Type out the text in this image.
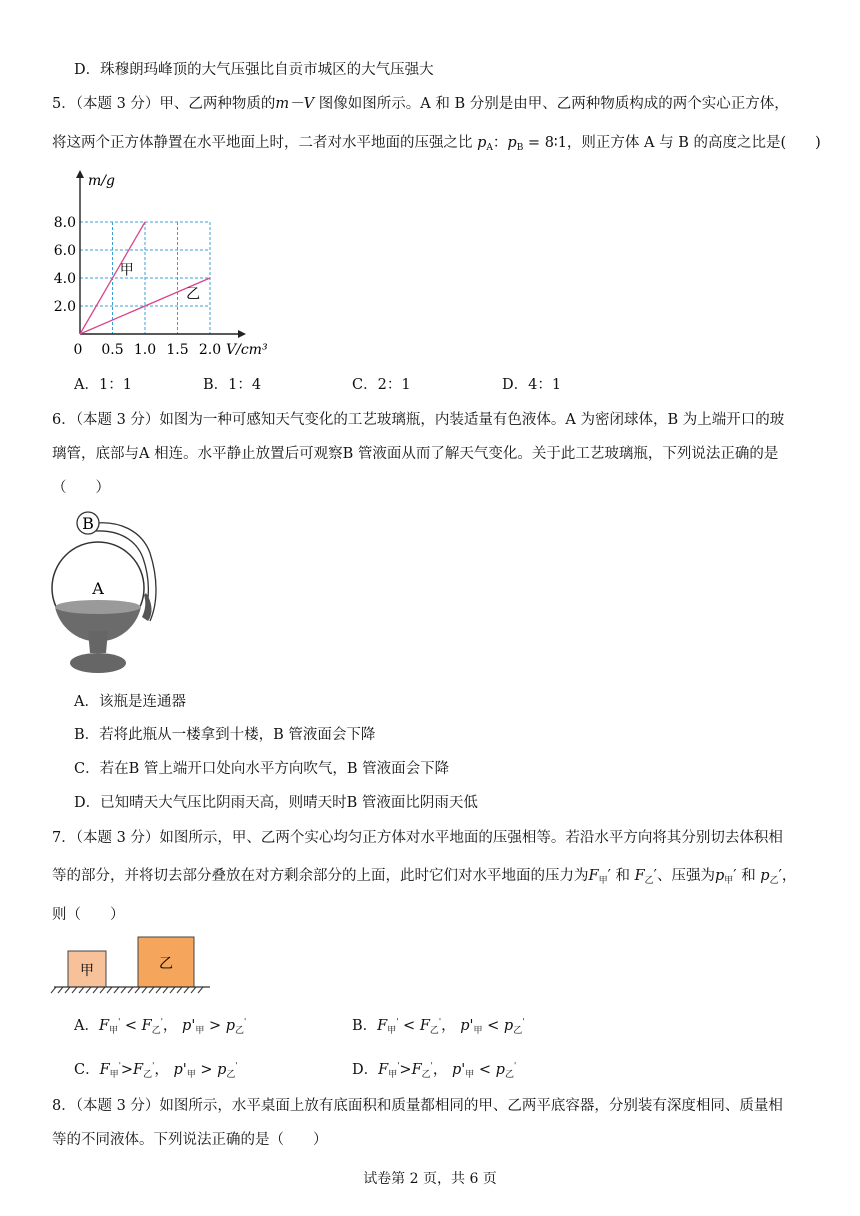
D．珠穆朗玛峰顶的大气压强比自贡市城区的大气压强大
5．（本题 3 分）甲、乙两种物质的m－V 图像如图所示。A 和 B 分别是由甲、乙两种物质构成的两个实心正方体，
将这两个正方体静置在水平地面上时，二者对水平地面的压强之比 $p_A$：$p_B$ = 8∶1，则正方体 A 与 B 的高度之比是(　　)
甲
乙
0 0.5 1.0 1.5 2.0
2.0
4.0
6.0
8.0
V/cm³
m/g
A．1：1	B．1：4	C．2：1	D．4：1
6．（本题 3 分）如图为一种可感知天气变化的工艺玻璃瓶，内装适量有色液体。A 为密闭球体，B 为上端开口的玻
璃管，底部与A 相连。水平静止放置后可观察B 管液面从而了解天气变化。关于此工艺玻璃瓶，下列说法正确的是
（　　）
B
A
A．该瓶是连通器
B．若将此瓶从一楼拿到十楼，B 管液面会下降
C．若在B 管上端开口处向水平方向吹气，B 管液面会下降
D．已知晴天大气压比阴雨天高，则晴天时B 管液面比阴雨天低
7．（本题 3 分）如图所示，甲、乙两个实心均匀正方体对水平地面的压强相等。若沿水平方向将其分别切去体积相
等的部分，并将切去部分叠放在对方剩余部分的上面，此时它们对水平地面的压力为$F_甲'$ 和 $F_乙'$、压强为$p_甲'$ 和 $p_乙'$，
则（　　）
甲	乙
A．$F_甲' < F_乙'$， $p'_甲 > p_乙'$	B．$F_甲' < F_乙'$， $p'_甲 < p_乙'$
C．$F_甲'>F_乙'$， $p'_甲 > p_乙'$	D．$F_甲'>F_乙'$， $p'_甲 < p_乙'$
8．（本题 3 分）如图所示，水平桌面上放有底面积和质量都相同的甲、乙两平底容器，分别装有深度相同、质量相
等的不同液体。下列说法正确的是（　　）
试卷第 2 页，共 6 页
